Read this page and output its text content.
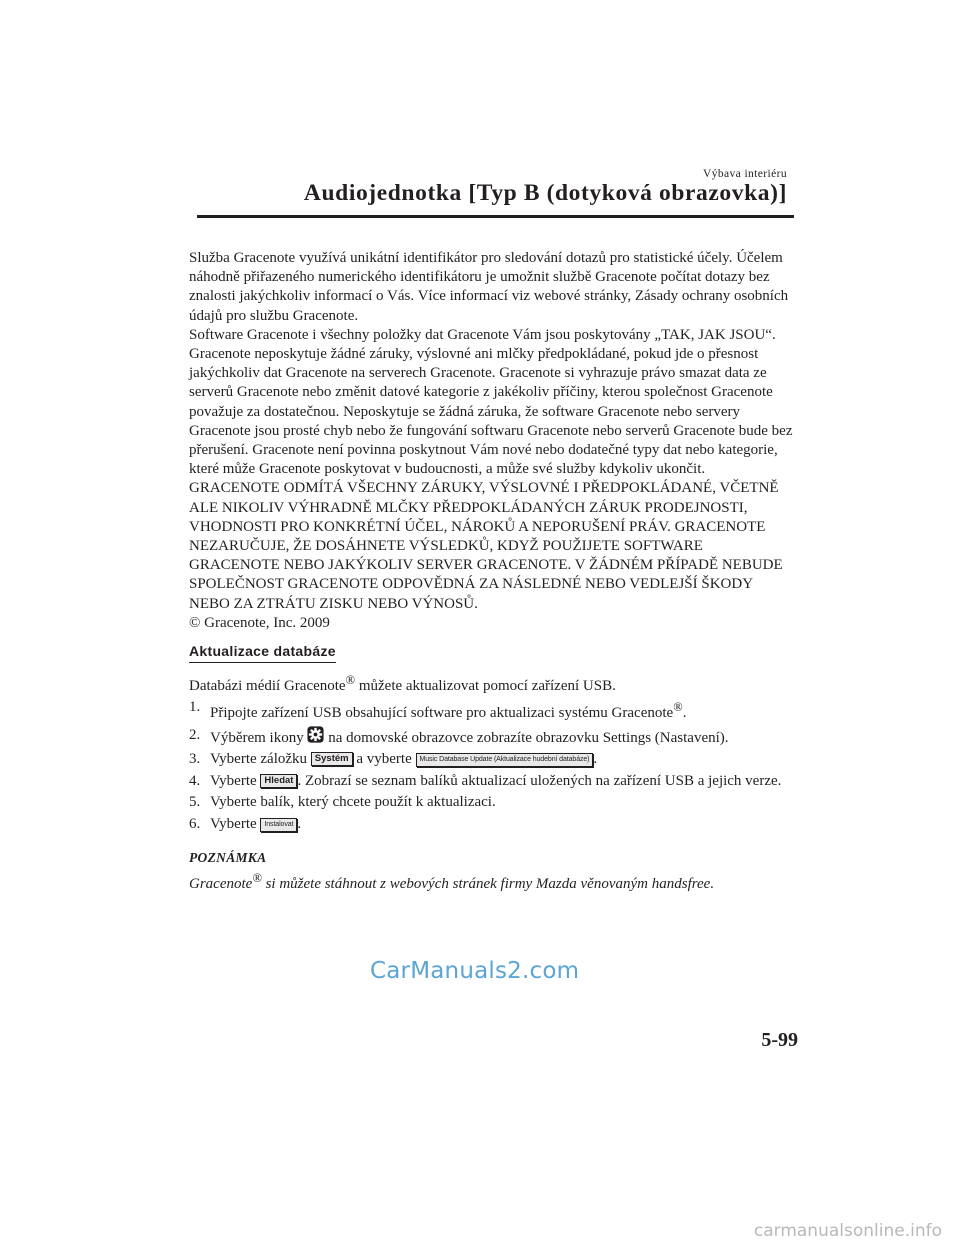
Výbava interiéru
Audiojednotka [Typ B (dotyková obrazovka)]

Služba Gracenote využívá unikátní identifikátor pro sledování dotazů pro statistické účely. Účelem náhodně přiřazeného numerického identifikátoru je umožnit službě Gracenote počítat dotazy bez znalosti jakýchkoliv informací o Vás. Více informací viz webové stránky, Zásady ochrany osobních údajů pro službu Gracenote.

Software Gracenote i všechny položky dat Gracenote Vám jsou poskytovány „TAK, JAK JSOU“.

Gracenote neposkytuje žádné záruky, výslovné ani mlčky předpokládané, pokud jde o přesnost jakýchkoliv dat Gracenote na serverech Gracenote. Gracenote si vyhrazuje právo smazat data ze serverů Gracenote nebo změnit datové kategorie z jakékoliv příčiny, kterou společnost Gracenote považuje za dostatečnou. Neposkytuje se žádná záruka, že software Gracenote nebo servery Gracenote jsou prosté chyb nebo že fungování softwaru Gracenote nebo serverů Gracenote bude bez přerušení. Gracenote není povinna poskytnout Vám nové nebo dodatečné typy dat nebo kategorie, které může Gracenote poskytovat v budoucnosti, a může své služby kdykoliv ukončit.

GRACENOTE ODMÍTÁ VŠECHNY ZÁRUKY, VÝSLOVNÉ I PŘEDPOKLÁDANÉ, VČETNĚ ALE NIKOLIV VÝHRADNĚ MLČKY PŘEDPOKLÁDANÝCH ZÁRUK PRODEJNOSTI, VHODNOSTI PRO KONKRÉTNÍ ÚČEL, NÁROKŮ A NEPORUŠENÍ PRÁV. GRACENOTE NEZARUČUJE, ŽE DOSÁHNETE VÝSLEDKŮ, KDYŽ POUŽIJETE SOFTWARE GRACENOTE NEBO JAKÝKOLIV SERVER GRACENOTE. V ŽÁDNÉM PŘÍPADĚ NEBUDE SPOLEČNOST GRACENOTE ODPOVĚDNÁ ZA NÁSLEDNÉ NEBO VEDLEJŠÍ ŠKODY NEBO ZA ZTRÁTU ZISKU NEBO VÝNOSŮ.

© Gracenote, Inc. 2009

Aktualizace databáze

Databázi médií Gracenote® můžete aktualizovat pomocí zařízení USB.

1. Připojte zařízení USB obsahující software pro aktualizaci systému Gracenote®.
2. Výběrem ikony  na domovské obrazovce zobrazíte obrazovku Settings (Nastavení).
3. Vyberte záložku Systém a vyberte Music Database Update (Aktualizace hudební databáze) .
4. Vyberte Hledat . Zobrazí se seznam balíků aktualizací uložených na zařízení USB a jejich verze.
5. Vyberte balík, který chcete použít k aktualizaci.
6. Vyberte Instalovat .
POZNÁMKA

Gracenote® si můžete stáhnout z webových stránek firmy Mazda věnovaným handsfree.

CarManuals2.com
5-99
carmanualsonline.info
